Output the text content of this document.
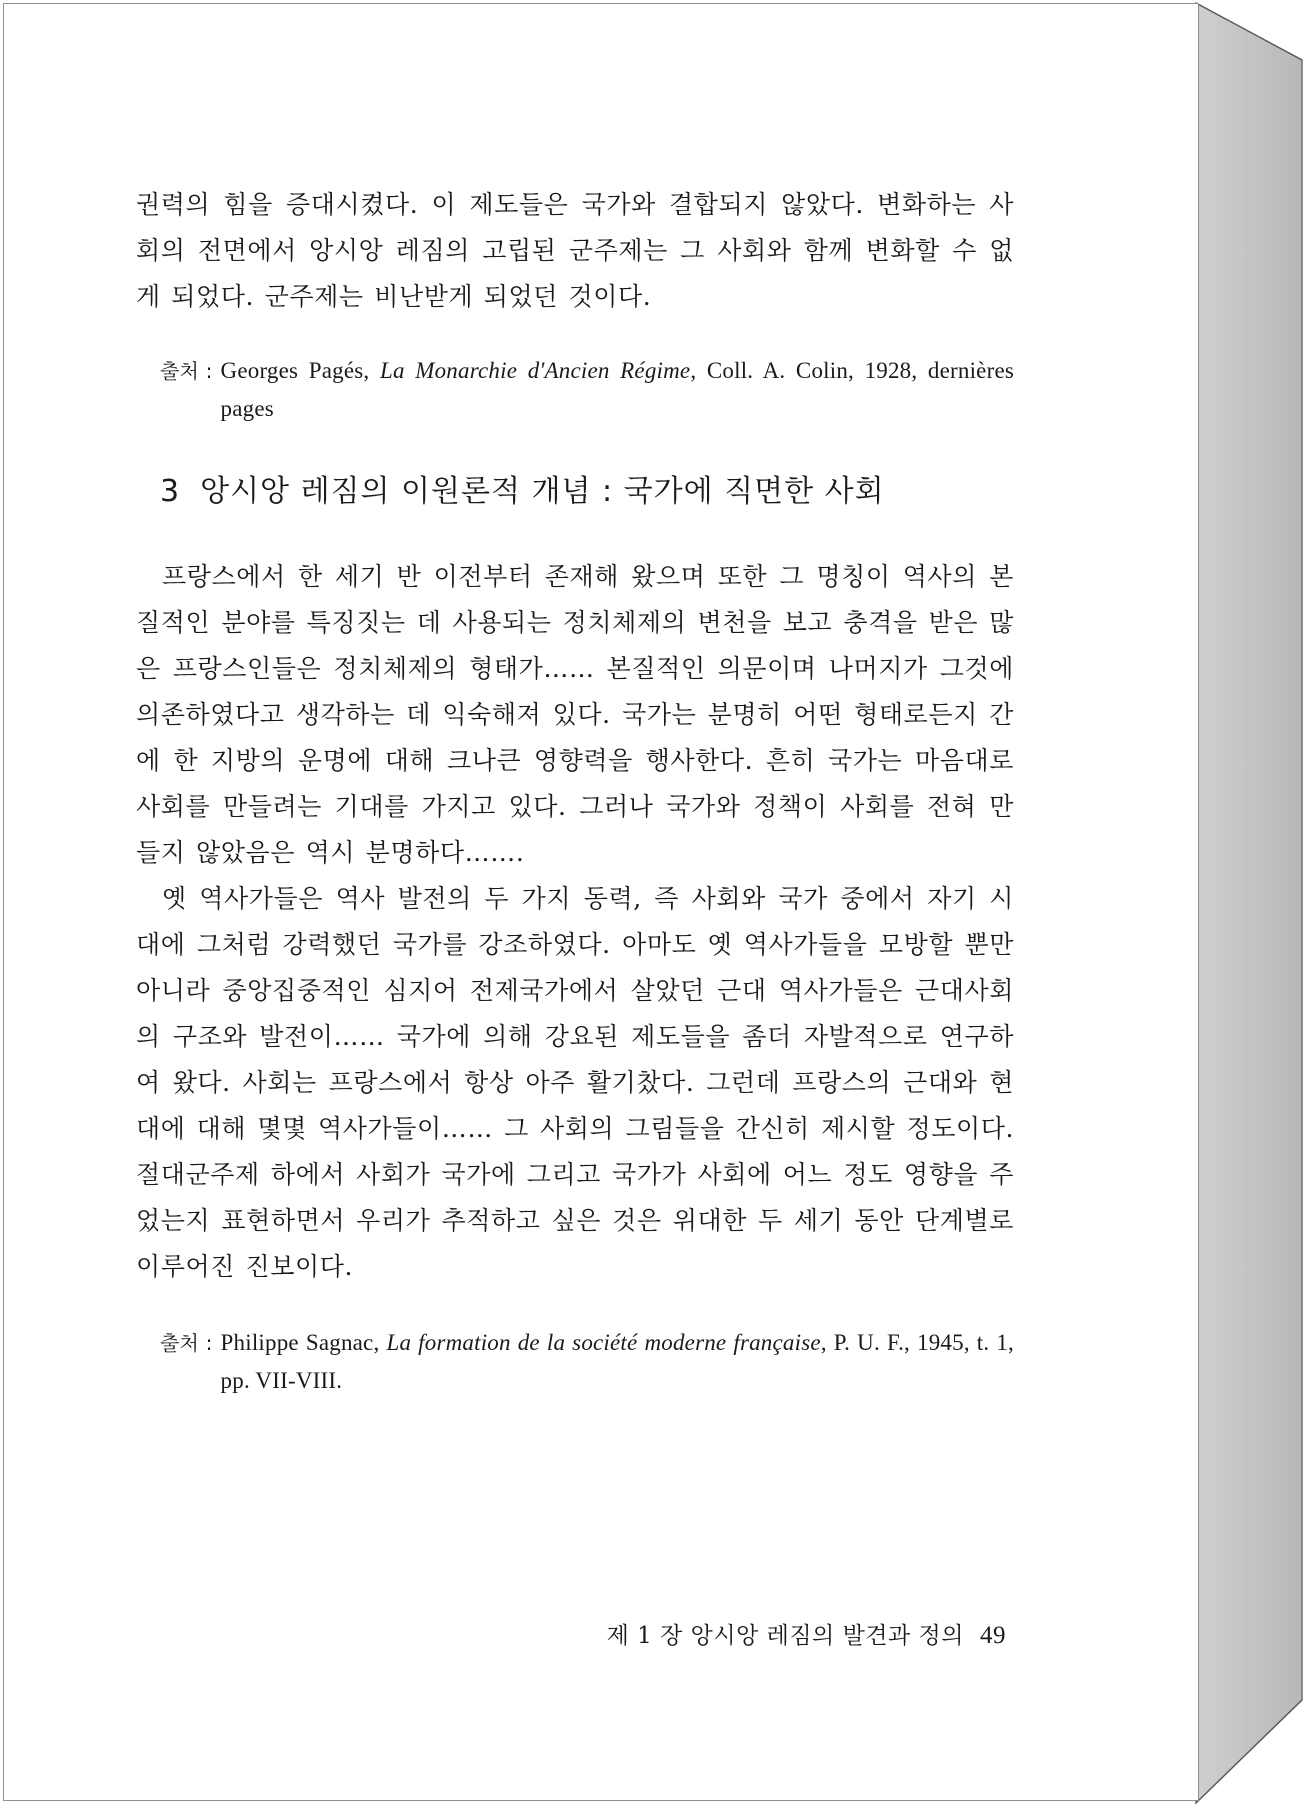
권력의 힘을 증대시켰다. 이 제도들은 국가와 결합되지 않았다. 변화하는 사회의 전면에서 앙시앙 레짐의 고립된 군주제는 그 사회와 함께 변화할 수 없게 되었다. 군주제는 비난받게 되었던 것이다.

출처 : Georges Pagés, La Monarchie d'Ancien Régime, Coll. A. Colin, 1928, dernières pages
3 앙시앙 레짐의 이원론적 개념 : 국가에 직면한 사회

프랑스에서 한 세기 반 이전부터 존재해 왔으며 또한 그 명칭이 역사의 본질적인 분야를 특징짓는 데 사용되는 정치체제의 변천을 보고 충격을 받은 많은 프랑스인들은 정치체제의 형태가…… 본질적인 의문이며 나머지가 그것에 의존하였다고 생각하는 데 익숙해져 있다. 국가는 분명히 어떤 형태로든지 간에 한 지방의 운명에 대해 크나큰 영향력을 행사한다. 흔히 국가는 마음대로 사회를 만들려는 기대를 가지고 있다. 그러나 국가와 정책이 사회를 전혀 만들지 않았음은 역시 분명하다…….

옛 역사가들은 역사 발전의 두 가지 동력, 즉 사회와 국가 중에서 자기 시대에 그처럼 강력했던 국가를 강조하였다. 아마도 옛 역사가들을 모방할 뿐만 아니라 중앙집중적인 심지어 전제국가에서 살았던 근대 역사가들은 근대사회의 구조와 발전이…… 국가에 의해 강요된 제도들을 좀더 자발적으로 연구하여 왔다. 사회는 프랑스에서 항상 아주 활기찼다. 그런데 프랑스의 근대와 현대에 대해 몇몇 역사가들이…… 그 사회의 그림들을 간신히 제시할 정도이다. 절대군주제 하에서 사회가 국가에 그리고 국가가 사회에 어느 정도 영향을 주었는지 표현하면서 우리가 추적하고 싶은 것은 위대한 두 세기 동안 단계별로 이루어진 진보이다.

출처 : Philippe Sagnac, La formation de la société moderne française, P. U. F., 1945, t. 1, pp. VII-VIII.
제 1 장 앙시앙 레짐의 발견과 정의 49
